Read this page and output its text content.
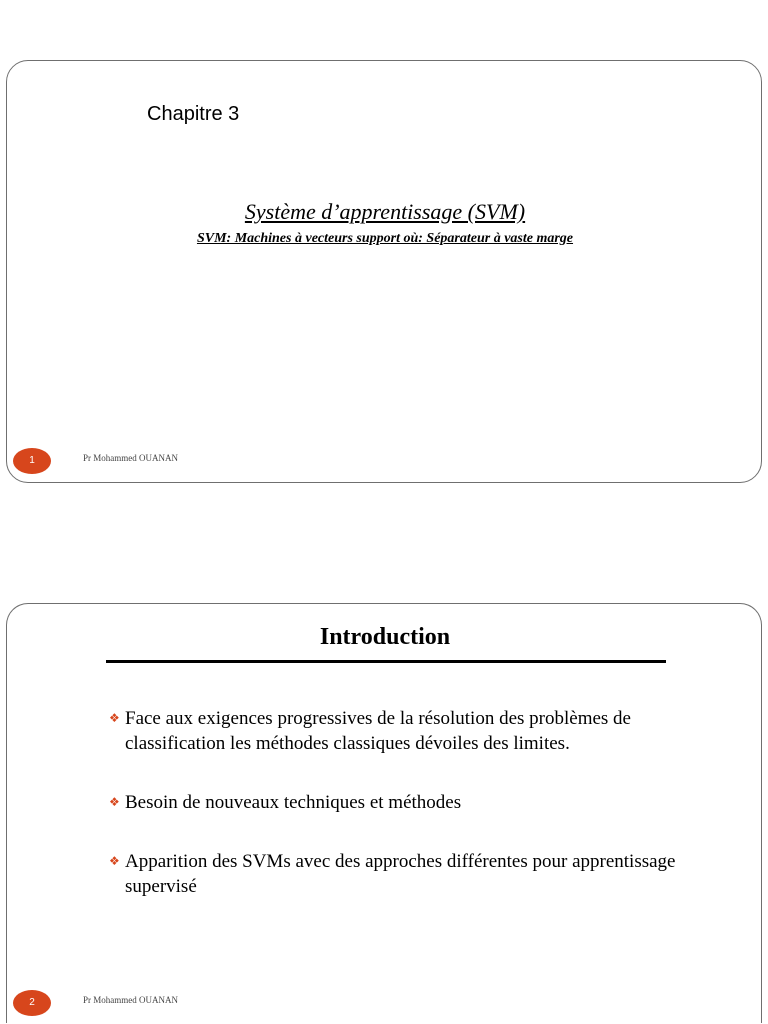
Chapitre 3
Système d’apprentissage (SVM)
SVM: Machines à vecteurs support où: Séparateur à vaste marge
1	Pr Mohammed OUANAN
Introduction
❖ Face aux exigences progressives de la résolution des problèmes de classification les méthodes classiques dévoiles des limites.
❖ Besoin de nouveaux techniques et méthodes
❖ Apparition des SVMs avec des approches différentes pour apprentissage supervisé
2	Pr Mohammed OUANAN
